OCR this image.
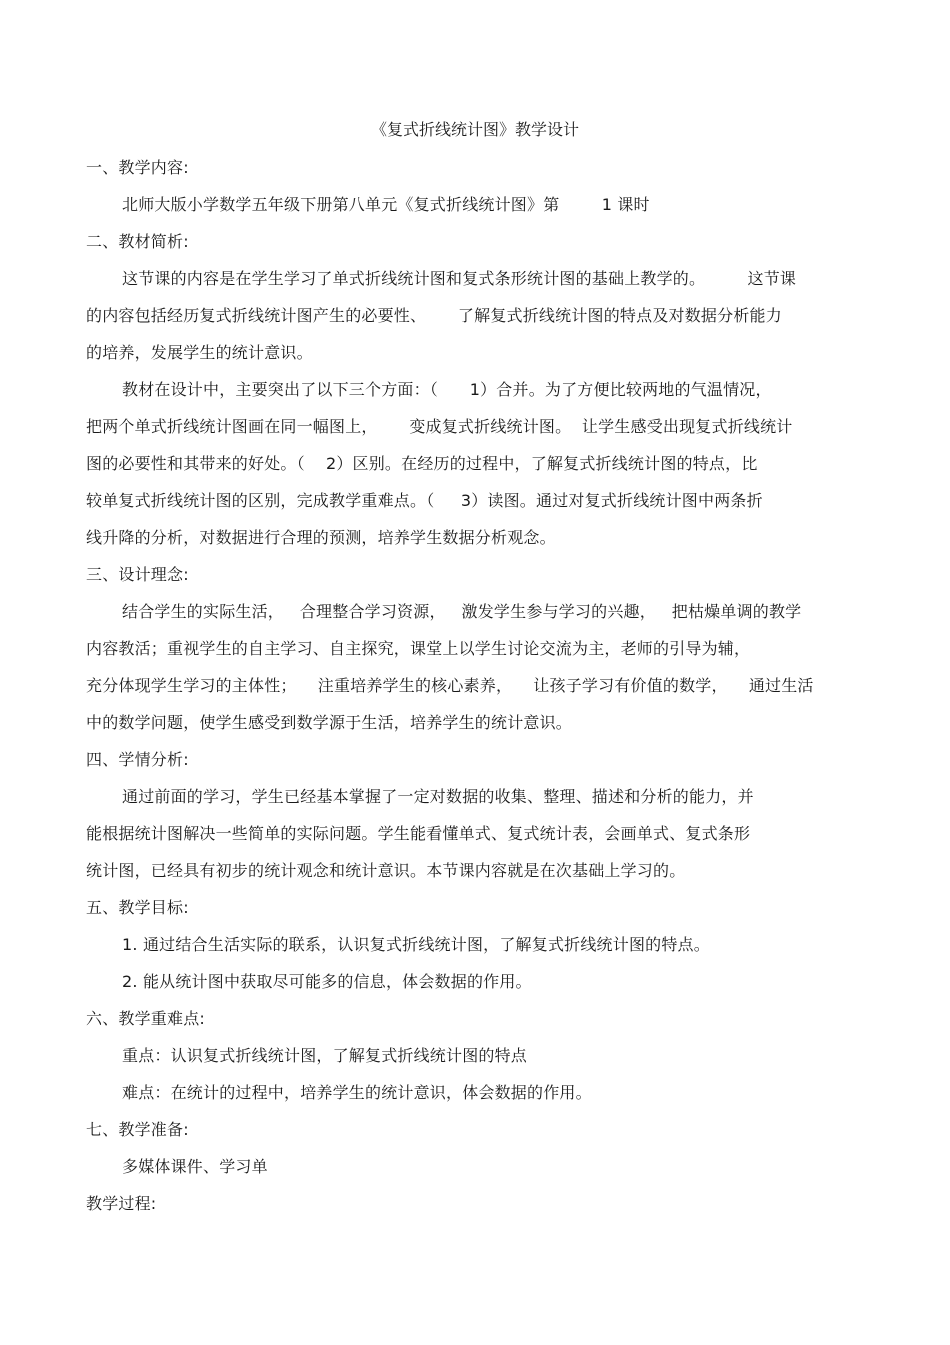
《复式折线统计图》教学设计
一、教学内容:
北师大版小学数学五年级下册第八单元《复式折线统计图》第        1 课时
二、教材简析:
这节课的内容是在学生学习了单式折线统计图和复式条形统计图的基础上教学的。        这节课
的内容包括经历复式折线统计图产生的必要性、      了解复式折线统计图的特点及对数据分析能力
的培养，发展学生的统计意识。
教材在设计中，主要突出了以下三个方面：（      1）合并。为了方便比较两地的气温情况，
把两个单式折线统计图画在同一幅图上，      变成复式折线统计图。  让学生感受出现复式折线统计
图的必要性和其带来的好处。（    2）区别。在经历的过程中，了解复式折线统计图的特点，比
较单复式折线统计图的区别，完成教学重难点。（     3）读图。通过对复式折线统计图中两条折
线升降的分析，对数据进行合理的预测，培养学生数据分析观念。
三、设计理念:
结合学生的实际生活，   合理整合学习资源，   激发学生参与学习的兴趣，   把枯燥单调的教学
内容教活；重视学生的自主学习、自主探究，课堂上以学生讨论交流为主，老师的引导为辅，
充分体现学生学习的主体性；    注重培养学生的核心素养，    让孩子学习有价值的数学，    通过生活
中的数学问题，使学生感受到数学源于生活，培养学生的统计意识。
四、学情分析:
通过前面的学习，学生已经基本掌握了一定对数据的收集、整理、描述和分析的能力，并
能根据统计图解决一些简单的实际问题。学生能看懂单式、复式统计表，会画单式、复式条形
统计图，已经具有初步的统计观念和统计意识。本节课内容就是在次基础上学习的。
五、教学目标:
1. 通过结合生活实际的联系，认识复式折线统计图，了解复式折线统计图的特点。
2. 能从统计图中获取尽可能多的信息，体会数据的作用。
六、教学重难点:
重点：认识复式折线统计图，了解复式折线统计图的特点
难点：在统计的过程中，培养学生的统计意识，体会数据的作用。
七、教学准备:
多媒体课件、学习单
教学过程:
